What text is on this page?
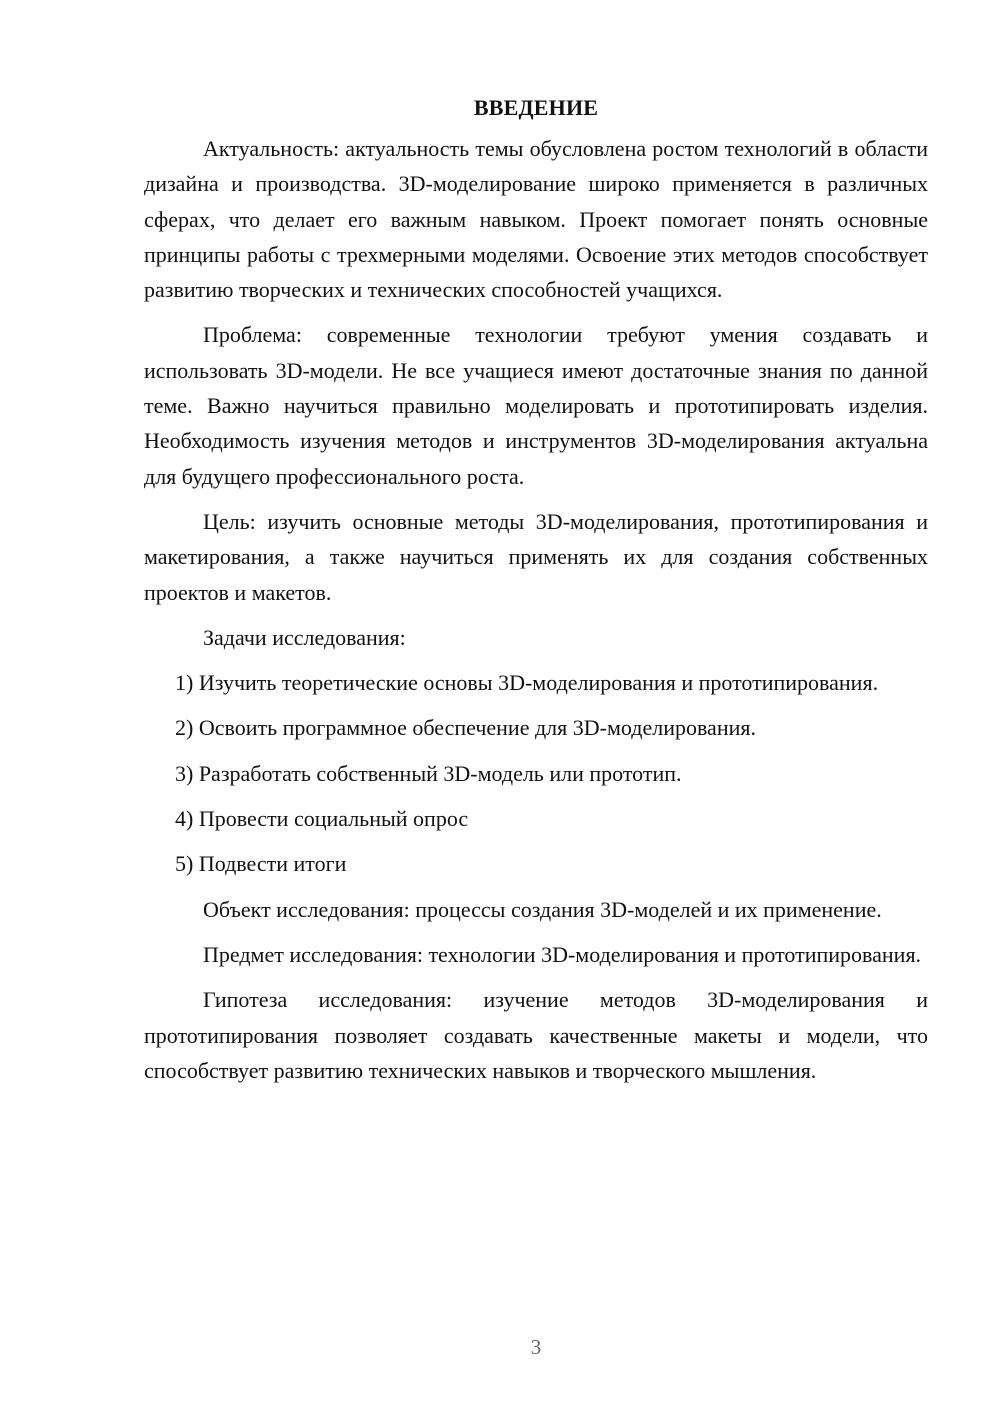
ВВЕДЕНИЕ

Актуальность: актуальность темы обусловлена ростом технологий в области дизайна и производства. 3D-моделирование широко применяется в различных сферах, что делает его важным навыком. Проект помогает понять основные принципы работы с трехмерными моделями. Освоение этих методов способствует развитию творческих и технических способностей учащихся.

Проблема: современные технологии требуют умения создавать и использовать 3D-модели. Не все учащиеся имеют достаточные знания по данной теме. Важно научиться правильно моделировать и прототипировать изделия. Необходимость изучения методов и инструментов 3D-моделирования актуальна для будущего профессионального роста.

Цель: изучить основные методы 3D-моделирования, прототипирования и макетирования, а также научиться применять их для создания собственных проектов и макетов.

Задачи исследования:

1) Изучить теоретические основы 3D-моделирования и прототипирования.

2) Освоить программное обеспечение для 3D-моделирования.

3) Разработать собственный 3D-модель или прототип.

4) Провести социальный опрос

5) Подвести итоги

Объект исследования: процессы создания 3D-моделей и их применение.

Предмет исследования: технологии 3D-моделирования и прототипирования.

Гипотеза исследования: изучение методов 3D-моделирования и прототипирования позволяет создавать качественные макеты и модели, что способствует развитию технических навыков и творческого мышления.

3
